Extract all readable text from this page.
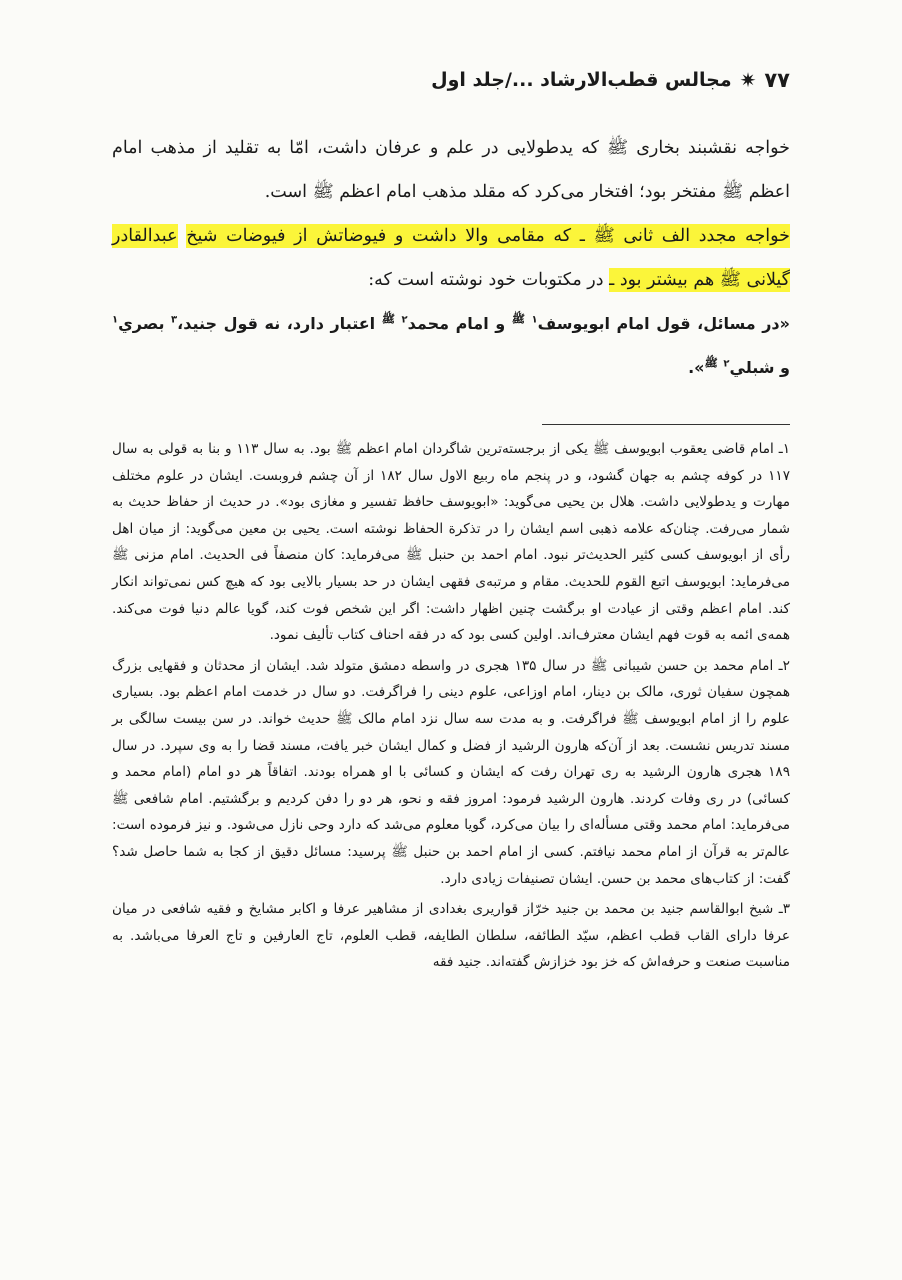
مجالس قطب‌الارشاد ...‌/جلد اول ✷ ۷۷

خواجه نقشبند بخاری ﷺ که یدطولایی در علم و عرفان داشت، امّا به تقلید از مذهب امام اعظم ﷺ مفتخر بود؛ افتخار می‌کرد که مقلد مذهب امام اعظم ﷺ است.

خواجه مجدد الف ثانی ﷺ ـ که مقامی والا داشت و فیوضاتش از فیوضات شیخ عبدالقادر گیلانی ﷺ هم بیشتر بود ـ در مکتوبات خود نوشته است که:

«در مسائل، قول امام ابویوسف$^۱$ $^ﷺ$ و امام محمد$^۲$ $^ﷺ$ اعتبار دارد، نه قول جنید،$^۳$ بصري$^۱$ و شبلي$^۲$ $^ﷺ$».

۱ـ امام قاضی یعقوب ابویوسف ﷺ یکی از برجسته‌ترین شاگردان امام اعظم ﷺ بود. به سال ۱۱۳ و بنا به قولی به سال ۱۱۷ در کوفه چشم به جهان گشود، و در پنجم ماه ربیع الاول سال ۱۸۲ از آن چشم فروبست. ایشان در علوم مختلف مهارت و یدطولایی داشت. هلال بن یحیی می‌گوید: «ابویوسف حافظ تفسیر و مغازی بود». در حدیث از حفاظ حدیث به شمار می‌رفت. چنان‌که علامه ذهبی اسم ایشان را در تذکرة الحفاظ نوشته است. یحیی بن معین می‌گوید: از میان اهل رأی از ابویوسف کسی کثیر الحدیث‌تر نبود. امام احمد بن حنبل ﷺ می‌فرماید: کان منصفاً فی الحدیث. امام مزنی ﷺ می‌فرماید: ابویوسف اتبع القوم للحدیث. مقام و مرتبه‌ی فقهی ایشان در حد بسیار بالایی بود که هیچ کس نمی‌تواند انکار کند. امام اعظم وقتی از عیادت او برگشت چنین اظهار داشت: اگر این شخص فوت کند، گویا عالم دنیا فوت می‌کند. همه‌ی ائمه به قوت فهم ایشان معترف‌اند. اولین کسی بود که در فقه احناف کتاب تألیف نمود.

۲ـ امام محمد بن حسن شیبانی ﷺ در سال ۱۳۵ هجری در واسطه دمشق متولد شد. ایشان از محدثان و فقهایی بزرگ همچون سفیان ثوری، مالک بن دینار، امام اوزاعی، علوم دینی را فراگرفت. دو سال در خدمت امام اعظم بود. بسیاری علوم را از امام ابویوسف ﷺ فراگرفت. و به مدت سه سال نزد امام مالک ﷺ حدیث خواند. در سن بیست سالگی بر مسند تدریس نشست. بعد از آن‌که هارون الرشید از فضل و کمال ایشان خبر یافت، مسند قضا را به وی سپرد. در سال ۱۸۹ هجری هارون الرشید به ری تهران رفت که ایشان و کسائی با او همراه بودند. اتفاقاً هر دو امام (امام محمد و کسائی) در ری وفات کردند. هارون الرشید فرمود: امروز فقه و نحو، هر دو را دفن کردیم و برگشتیم. امام شافعی ﷺ می‌فرماید: امام محمد وقتی مسأله‌ای را بیان می‌کرد، گویا معلوم می‌شد که دارد وحی نازل می‌شود. و نیز فرموده است: عالم‌تر به قرآن از امام محمد نیافتم. کسی از امام احمد بن حنبل ﷺ پرسید: مسائل دقیق از کجا به شما حاصل شد؟ گفت: از کتاب‌های محمد بن حسن. ایشان تصنیفات زیادی دارد.

۳ـ شیخ ابوالقاسم جنید بن محمد بن جنید خرّاز قواریری بغدادی از مشاهیر عرفا و اکابر مشایخ و فقیه شافعی در میان عرفا دارای القاب قطب اعظم، سیّد الطائفه، سلطان الطایفه، قطب العلوم، تاج العارفین و تاج العرفا می‌باشد. به مناسبت صنعت و حرفه‌اش که خز بود خزازش گفته‌اند. جنید فقه
